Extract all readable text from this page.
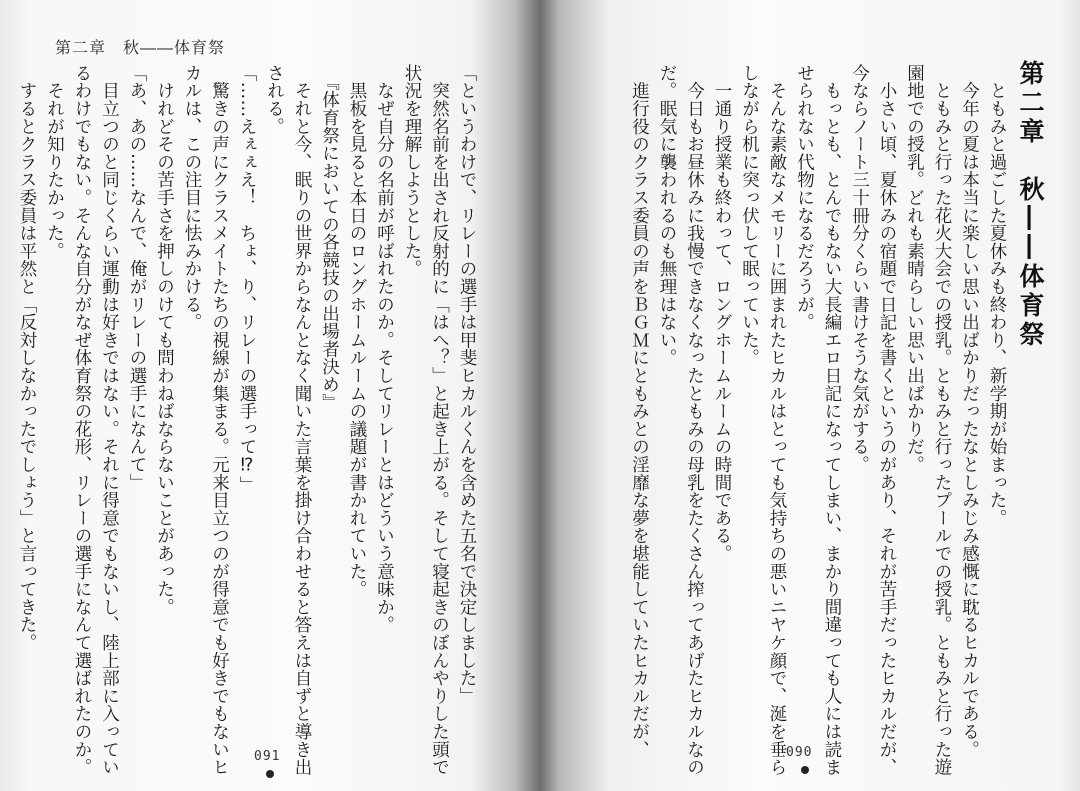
第二章　秋――体育祭
「というわけで、リレーの選手は甲斐ヒカルくんを含めた五名で決定しました」
　突然名前を出され反射的に「はへ？」と起き上がる。そして寝起きのぼんやりした頭で
状況を理解しようとした。
　なぜ自分の名前が呼ばれたのか。そしてリレーとはどういう意味か。
　黒板を見ると本日のロングホームルームの議題が書かれていた。
　『体育祭においての各競技の出場者決め』
　それと今、眠りの世界からなんとなく聞いた言葉を掛け合わせると答えは自ずと導き出
される。
「……えぇぇえ！　ちょ、り、リレーの選手って⁉」
　驚きの声にクラスメイトたちの視線が集まる。元来目立つのが得意でも好きでもないヒ
カルは、この注目に怯みかける。
　けれどその苦手さを押しのけても問わねばならないことがあった。
「あ、あの……なんで、俺がリレーの選手になんて」
　目立つのと同じくらい運動は好きではない。それに得意でもないし、陸上部に入ってい
るわけでもない。そんな自分がなぜ体育祭の花形、リレーの選手になんて選ばれたのか。
　それが知りたかった。
　するとクラス委員は平然と「反対しなかったでしょう」と言ってきた。
091
第二章　秋――体育祭
　ともみと過ごした夏休みも終わり、新学期が始まった。
　今年の夏は本当に楽しい思い出ばかりだったなとしみじみ感慨に耽るヒカルである。
　ともみと行った花火大会での授乳。ともみと行ったプールでの授乳。ともみと行った遊
園地での授乳。どれも素晴らしい思い出ばかりだ。
　小さい頃、夏休みの宿題で日記を書くというのがあり、それが苦手だったヒカルだが、
今ならノート三十冊分くらい書けそうな気がする。
　もっとも、とんでもない大長編エロ日記になってしまい、まかり間違っても人には読ま
せられない代物になるだろうが。
　そんな素敵なメモリーに囲まれたヒカルはとっても気持ちの悪いニヤケ顔で、涎を垂ら
しながら机に突っ伏して眠っていた。
　一通り授業も終わって、ロングホームルームの時間である。
　今日もお昼休みに我慢できなくなったともみの母乳をたくさん搾ってあげたヒカルなの
だ。眠気に襲われるのも無理はない。
　進行役のクラス委員の声をＢＧＭにともみとの淫靡な夢を堪能していたヒカルだが、	090
